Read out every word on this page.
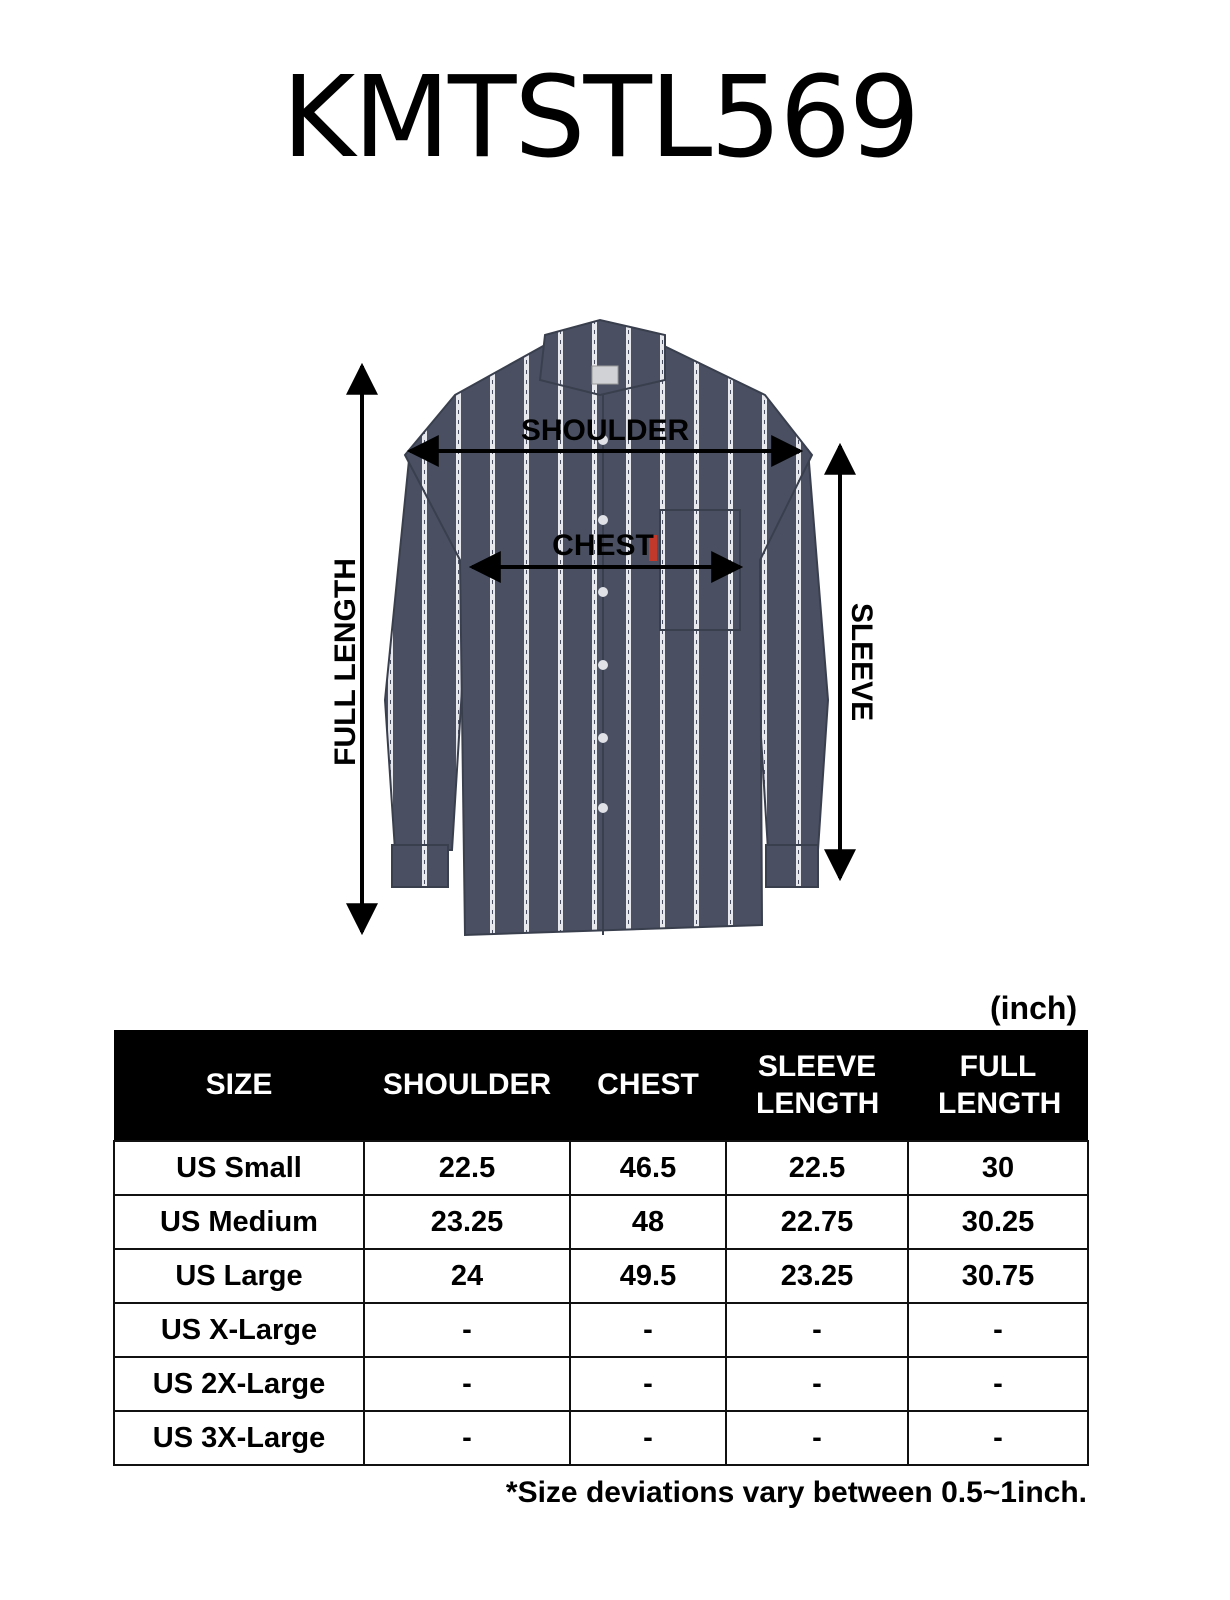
KMTSTL569
SHOULDER
CHEST
FULL LENGTH	SLEEVE
(inch)
SIZE	SHOULDER	CHEST	SLEEVE LENGTH	FULL LENGTH
US Small	22.5	46.5	22.5	30
US Medium	23.25	48	22.75	30.25
US Large	24	49.5	23.25	30.75
US X-Large	-	-	-	-
US 2X-Large	-	-	-	-
US 3X-Large	-	-	-	-
*Size deviations vary between 0.5~1inch.
